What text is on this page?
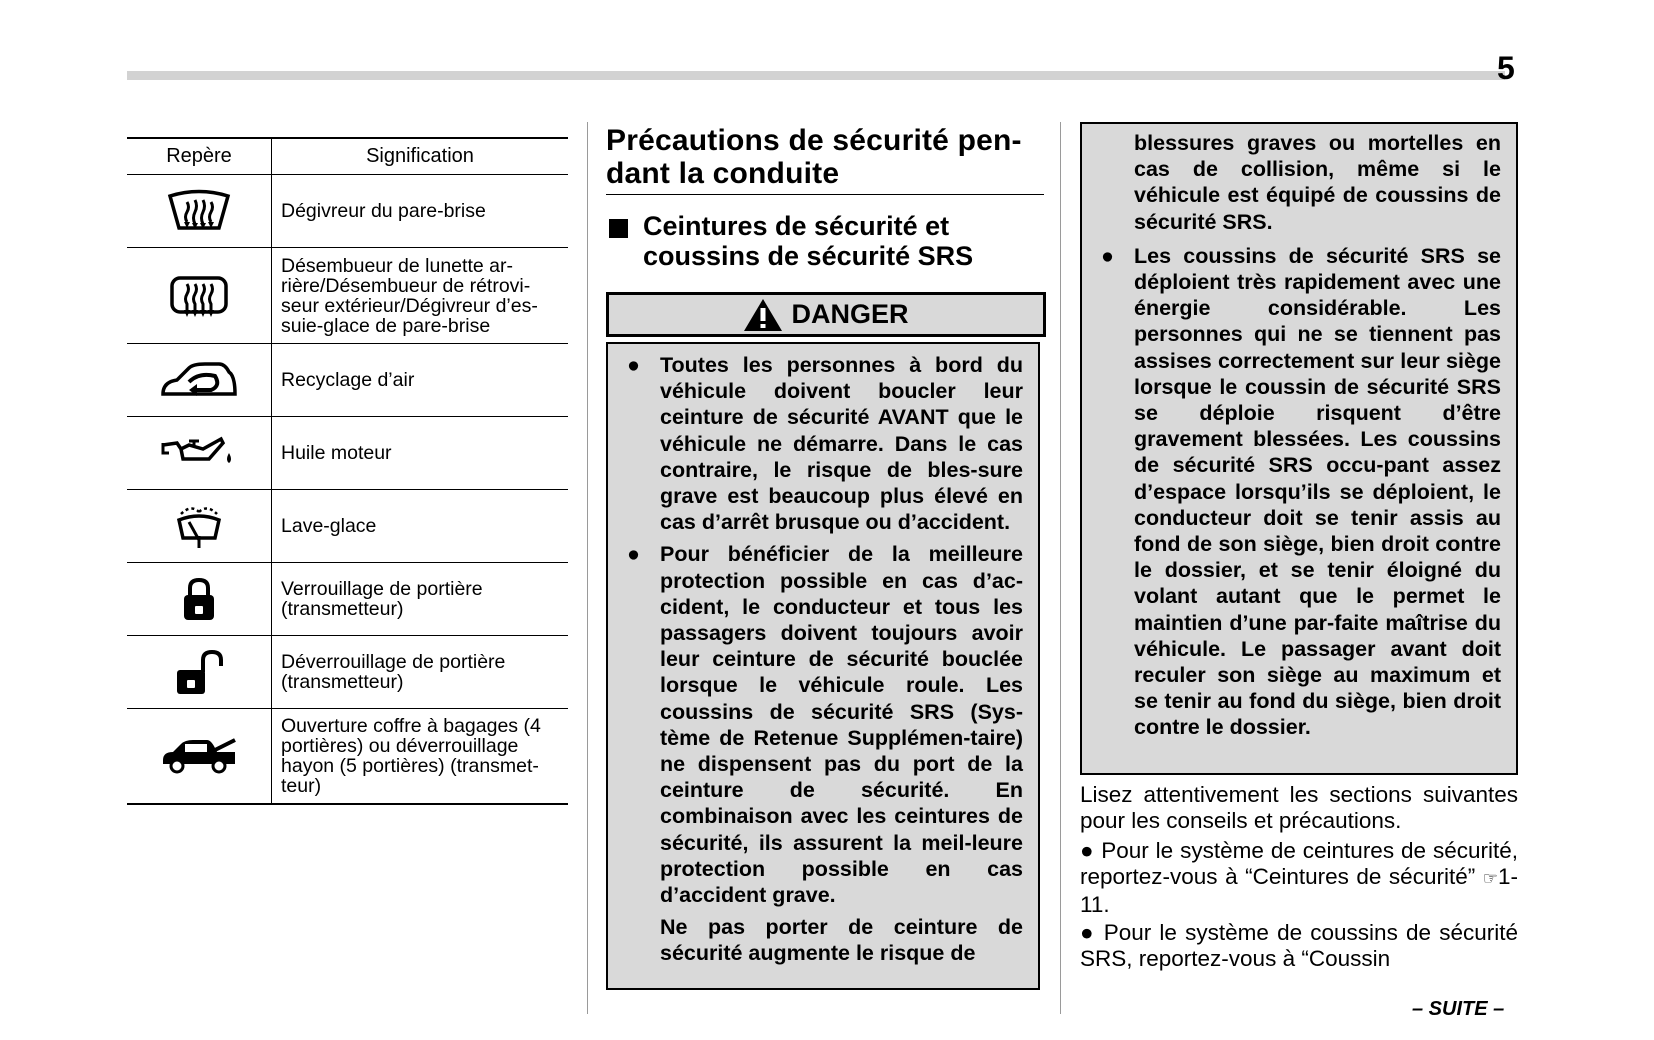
5
Repère	Signification

	Dégivreur du pare-brise

	Désembueur de lunette ar-
rière/Désembueur de rétrovi-
seur extérieur/Dégivreur d’es-
suie-glace de pare-brise

	Recyclage d’air

	Huile moteur

	Lave-glace

	Verrouillage de portière
(transmetteur)

	Déverrouillage de portière
(transmetteur)

	Ouverture coffre à bagages (4
portières) ou déverrouillage
hayon (5 portières) (transmet-
teur)
Précautions de sécurité pen-
dant la conduite
Ceintures de sécurité et
coussins de sécurité SRS
DANGER

● Toutes les personnes à bord du véhicule doivent boucler leur ceinture de sécurité AVANT que le véhicule ne démarre. Dans le cas contraire, le risque de bles-sure grave est beaucoup plus élevé en cas d’arrêt brusque ou d’accident.

● Pour bénéficier de la meilleure protection possible en cas d’ac-cident, le conducteur et tous les passagers doivent toujours avoir leur ceinture de sécurité bouclée lorsque le véhicule roule. Les coussins de sécurité SRS (Sys-tème de Retenue Supplémen-taire) ne dispensent pas du port de la ceinture de sécurité. En combinaison avec les ceintures de sécurité, ils assurent la meil-leure protection possible en cas d’accident grave.

Ne pas porter de ceinture de sécurité augmente le risque de

blessures graves ou mortelles en cas de collision, même si le véhicule est équipé de coussins de sécurité SRS.

● Les coussins de sécurité SRS se déploient très rapidement avec une énergie considérable. Les personnes qui ne se tiennent pas assises correctement sur leur siège lorsque le coussin de sécurité SRS se déploie risquent d’être gravement blessées. Les coussins de sécurité SRS occu-pant assez d’espace lorsqu’ils se déploient, le conducteur doit se tenir assis au fond de son siège, bien droit contre le dossier, et se tenir éloigné du volant autant que le permet le maintien d’une par-faite maîtrise du véhicule. Le passager avant doit reculer son siège au maximum et se tenir au fond du siège, bien droit contre le dossier.

Lisez attentivement les sections suivantes pour les conseils et précautions.

● Pour le système de ceintures de sécurité, reportez-vous à “Ceintures de sécurité” ☞1-11.

● Pour le système de coussins de sécurité SRS, reportez-vous à “Coussin

– SUITE –
